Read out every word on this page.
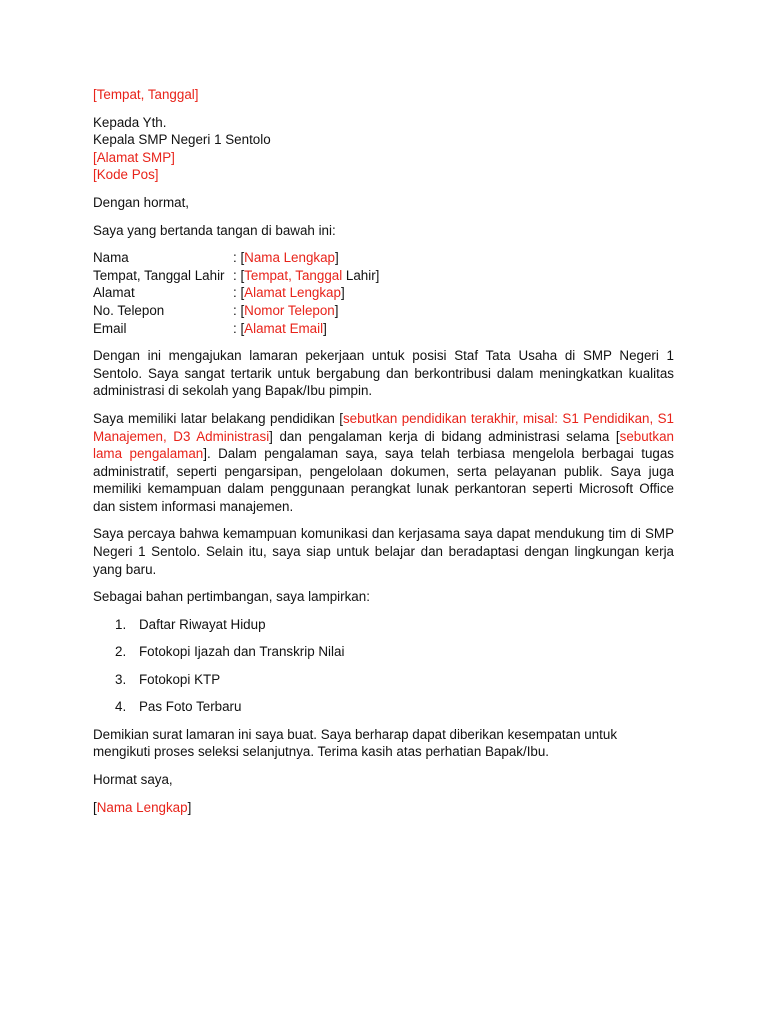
[Tempat, Tanggal]

Kepada Yth.

Kepala SMP Negeri 1 Sentolo

[Alamat SMP]

[Kode Pos]

Dengan hormat,

Saya yang bertanda tangan di bawah ini:

Nama	: [Nama Lengkap]
Tempat, Tanggal Lahir : [Tempat, Tanggal Lahir]
Alamat	: [Alamat Lengkap]
No. Telepon	: [Nomor Telepon]
Email	: [Alamat Email]

Dengan ini mengajukan lamaran pekerjaan untuk posisi Staf Tata Usaha di SMP Negeri 1 Sentolo. Saya sangat tertarik untuk bergabung dan berkontribusi dalam meningkatkan kualitas administrasi di sekolah yang Bapak/Ibu pimpin.

Saya memiliki latar belakang pendidikan [sebutkan pendidikan terakhir, misal: S1 Pendidikan, S1 Manajemen, D3 Administrasi] dan pengalaman kerja di bidang administrasi selama [sebutkan lama pengalaman]. Dalam pengalaman saya, saya telah terbiasa mengelola berbagai tugas administratif, seperti pengarsipan, pengelolaan dokumen, serta pelayanan publik. Saya juga memiliki kemampuan dalam penggunaan perangkat lunak perkantoran seperti Microsoft Office dan sistem informasi manajemen.

Saya percaya bahwa kemampuan komunikasi dan kerjasama saya dapat mendukung tim di SMP Negeri 1 Sentolo. Selain itu, saya siap untuk belajar dan beradaptasi dengan lingkungan kerja yang baru.

Sebagai bahan pertimbangan, saya lampirkan:

1. Daftar Riwayat Hidup
2. Fotokopi Ijazah dan Transkrip Nilai
3. Fotokopi KTP
4. Pas Foto Terbaru

Demikian surat lamaran ini saya buat. Saya berharap dapat diberikan kesempatan untuk mengikuti proses seleksi selanjutnya. Terima kasih atas perhatian Bapak/Ibu.

Hormat saya,

[Nama Lengkap]
